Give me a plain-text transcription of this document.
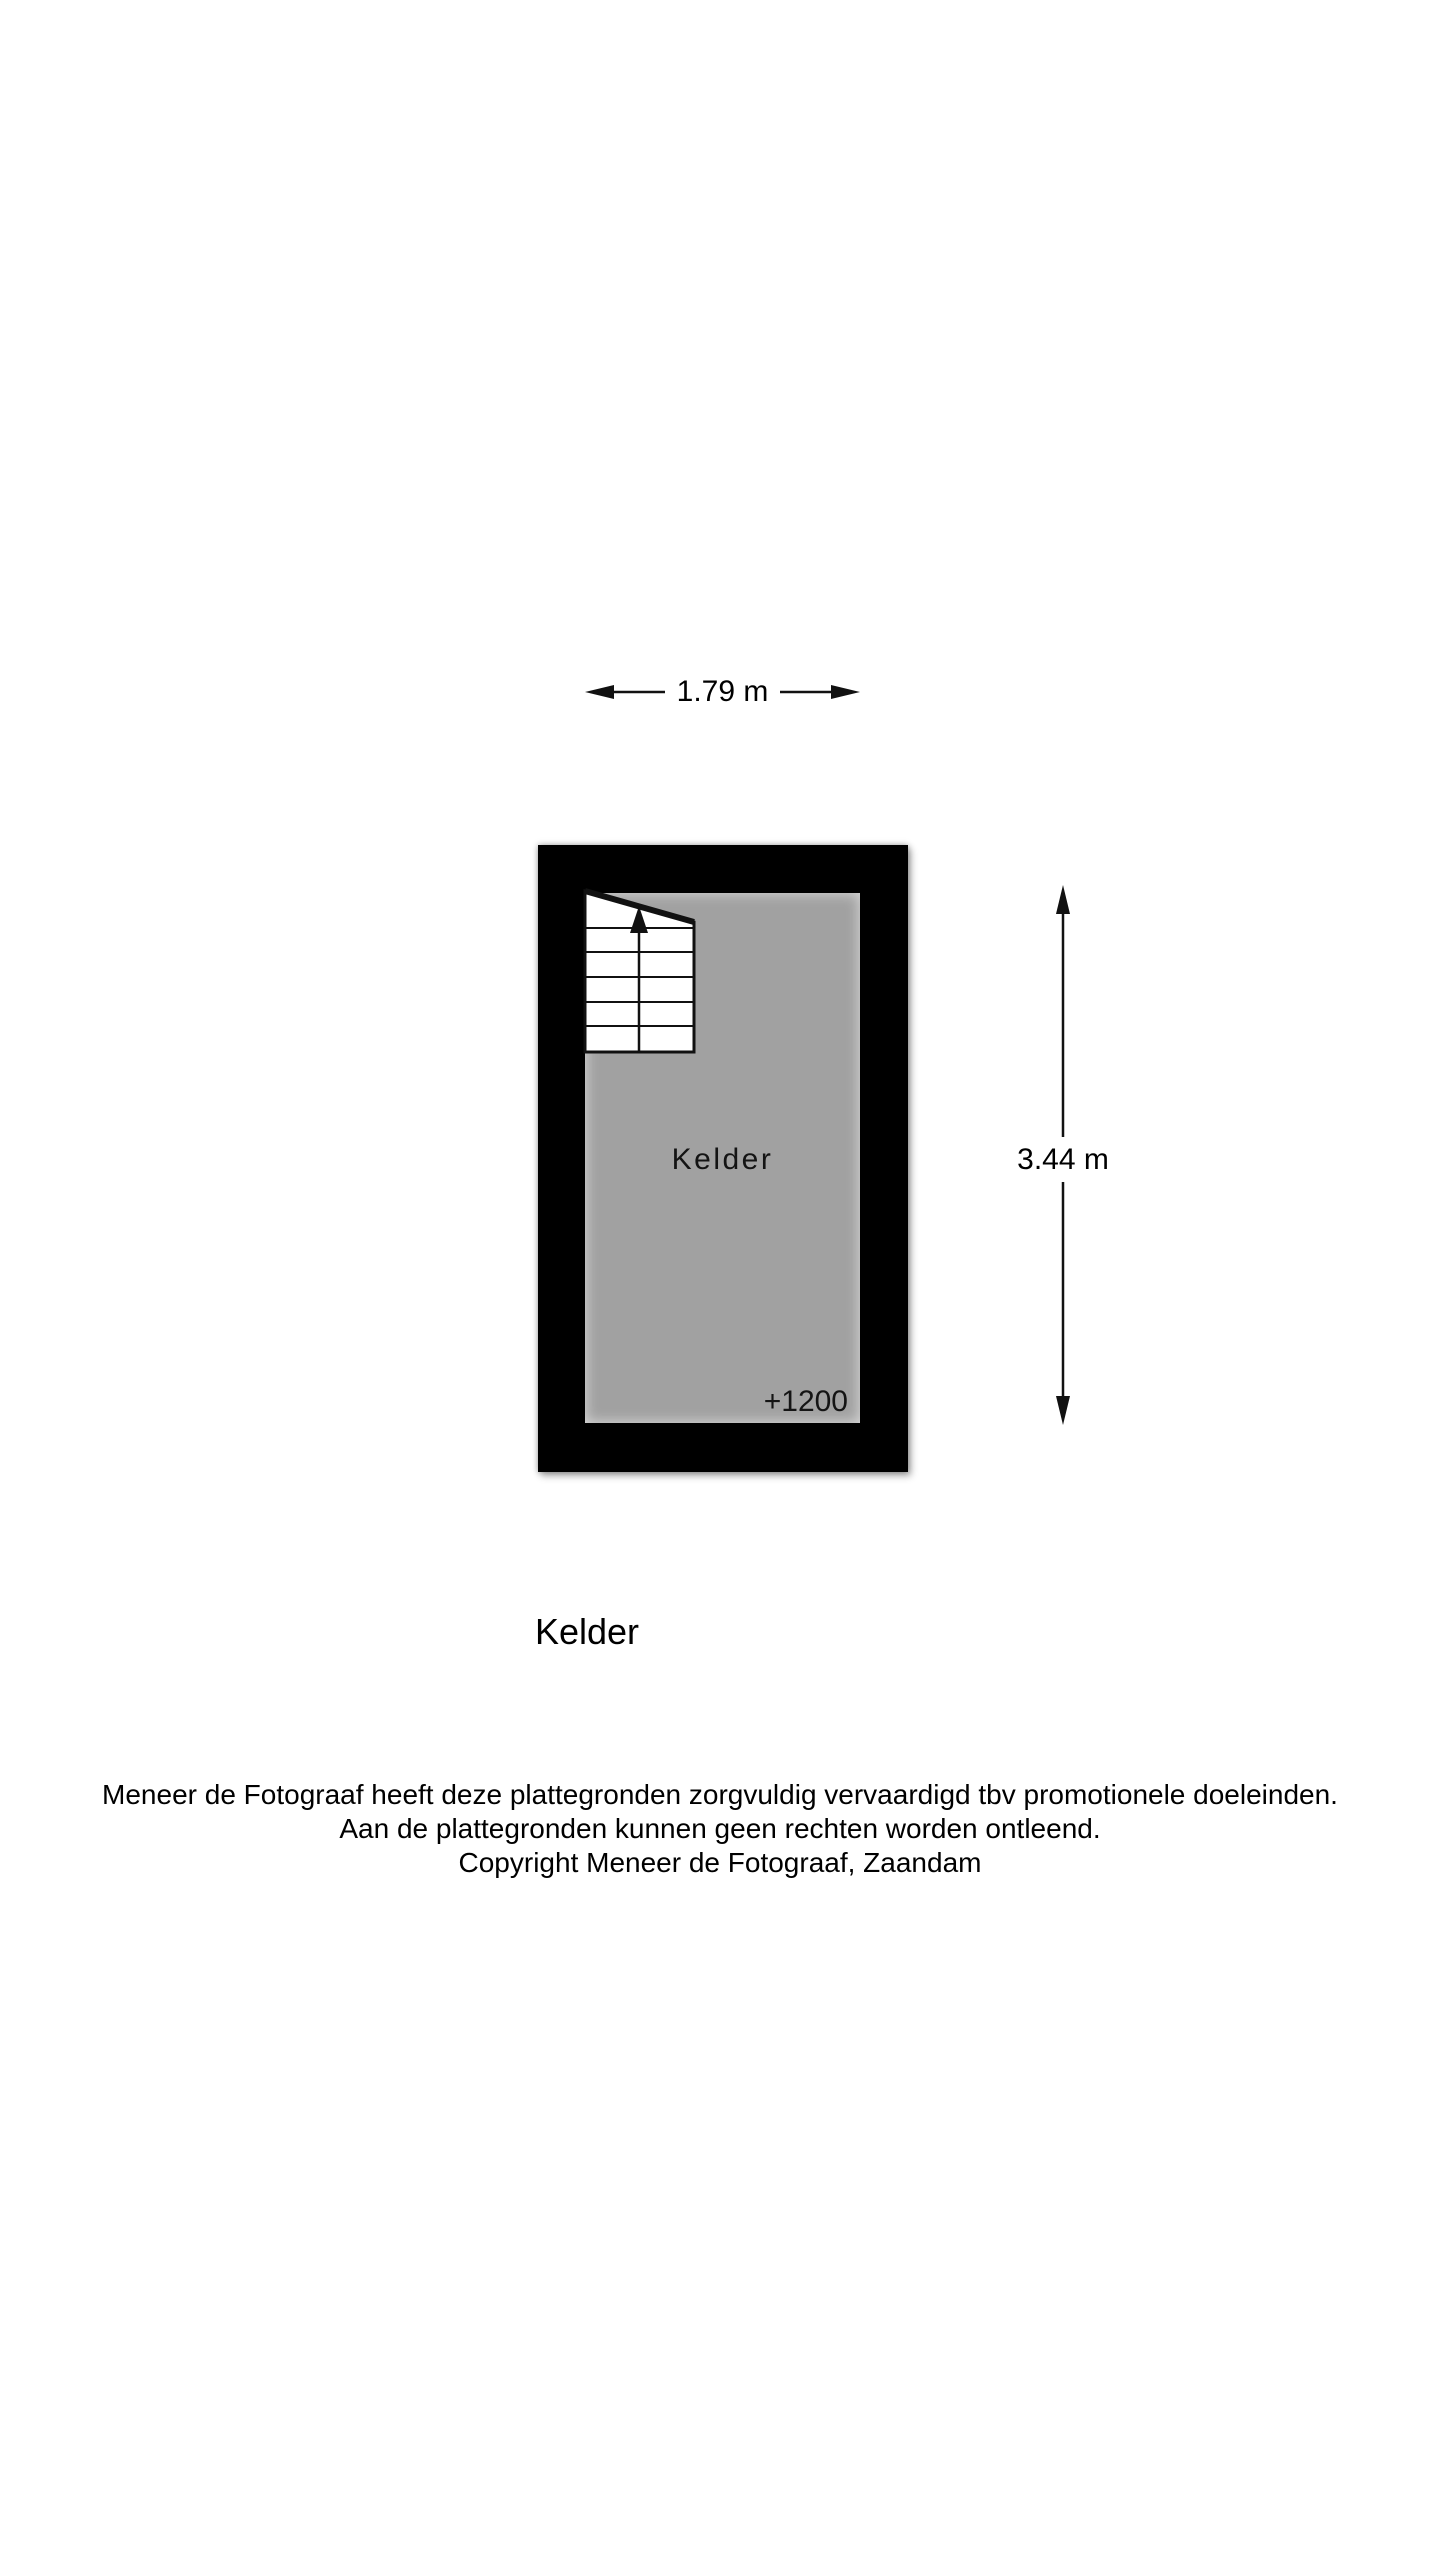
1.79 m
3.44 m
Kelder
+1200
Kelder
Meneer de Fotograaf heeft deze plattegronden zorgvuldig vervaardigd tbv promotionele doeleinden.
Aan de plattegronden kunnen geen rechten worden ontleend.
Copyright Meneer de Fotograaf, Zaandam
